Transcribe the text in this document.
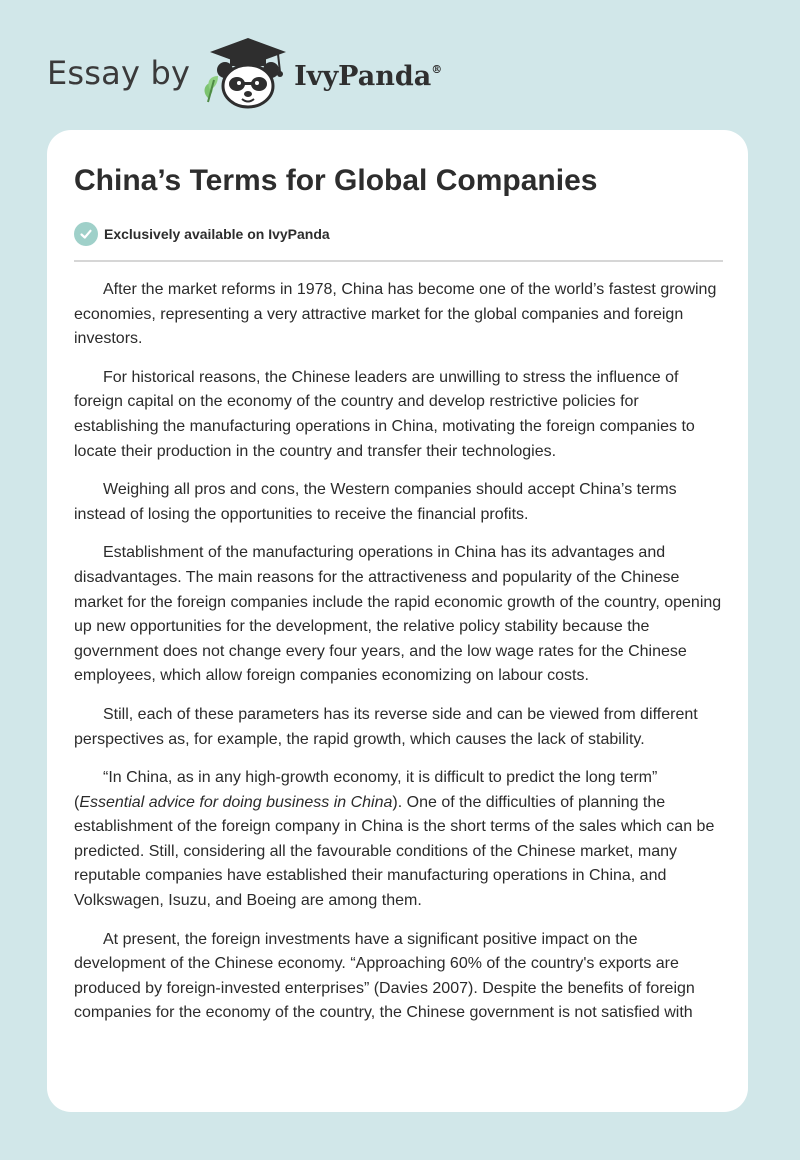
Essay by	IvyPanda®
China’s Terms for Global Companies
Exclusively available on IvyPanda

After the market reforms in 1978, China has become one of the world’s fastest growing economies, representing a very attractive market for the global companies and foreign investors.

For historical reasons, the Chinese leaders are unwilling to stress the influence of foreign capital on the economy of the country and develop restrictive policies for establishing the manufacturing operations in China, motivating the foreign companies to locate their production in the country and transfer their technologies.

Weighing all pros and cons, the Western companies should accept China’s terms instead of losing the opportunities to receive the financial profits.

Establishment of the manufacturing operations in China has its advantages and disadvantages. The main reasons for the attractiveness and popularity of the Chinese market for the foreign companies include the rapid economic growth of the country, opening up new opportunities for the development, the relative policy stability because the government does not change every four years, and the low wage rates for the Chinese employees, which allow foreign companies economizing on labour costs.

Still, each of these parameters has its reverse side and can be viewed from different perspectives as, for example, the rapid growth, which causes the lack of stability.

“In China, as in any high-growth economy, it is difficult to predict the long term” (Essential advice for doing business in China). One of the difficulties of planning the establishment of the foreign company in China is the short terms of the sales which can be predicted. Still, considering all the favourable conditions of the Chinese market, many reputable companies have established their manufacturing operations in China, and Volkswagen, Isuzu, and Boeing are among them.

At present, the foreign investments have a significant positive impact on the development of the Chinese economy. “Approaching 60% of the country's exports are produced by foreign-invested enterprises” (Davies 2007). Despite the benefits of foreign companies for the economy of the country, the Chinese government is not satisfied with
